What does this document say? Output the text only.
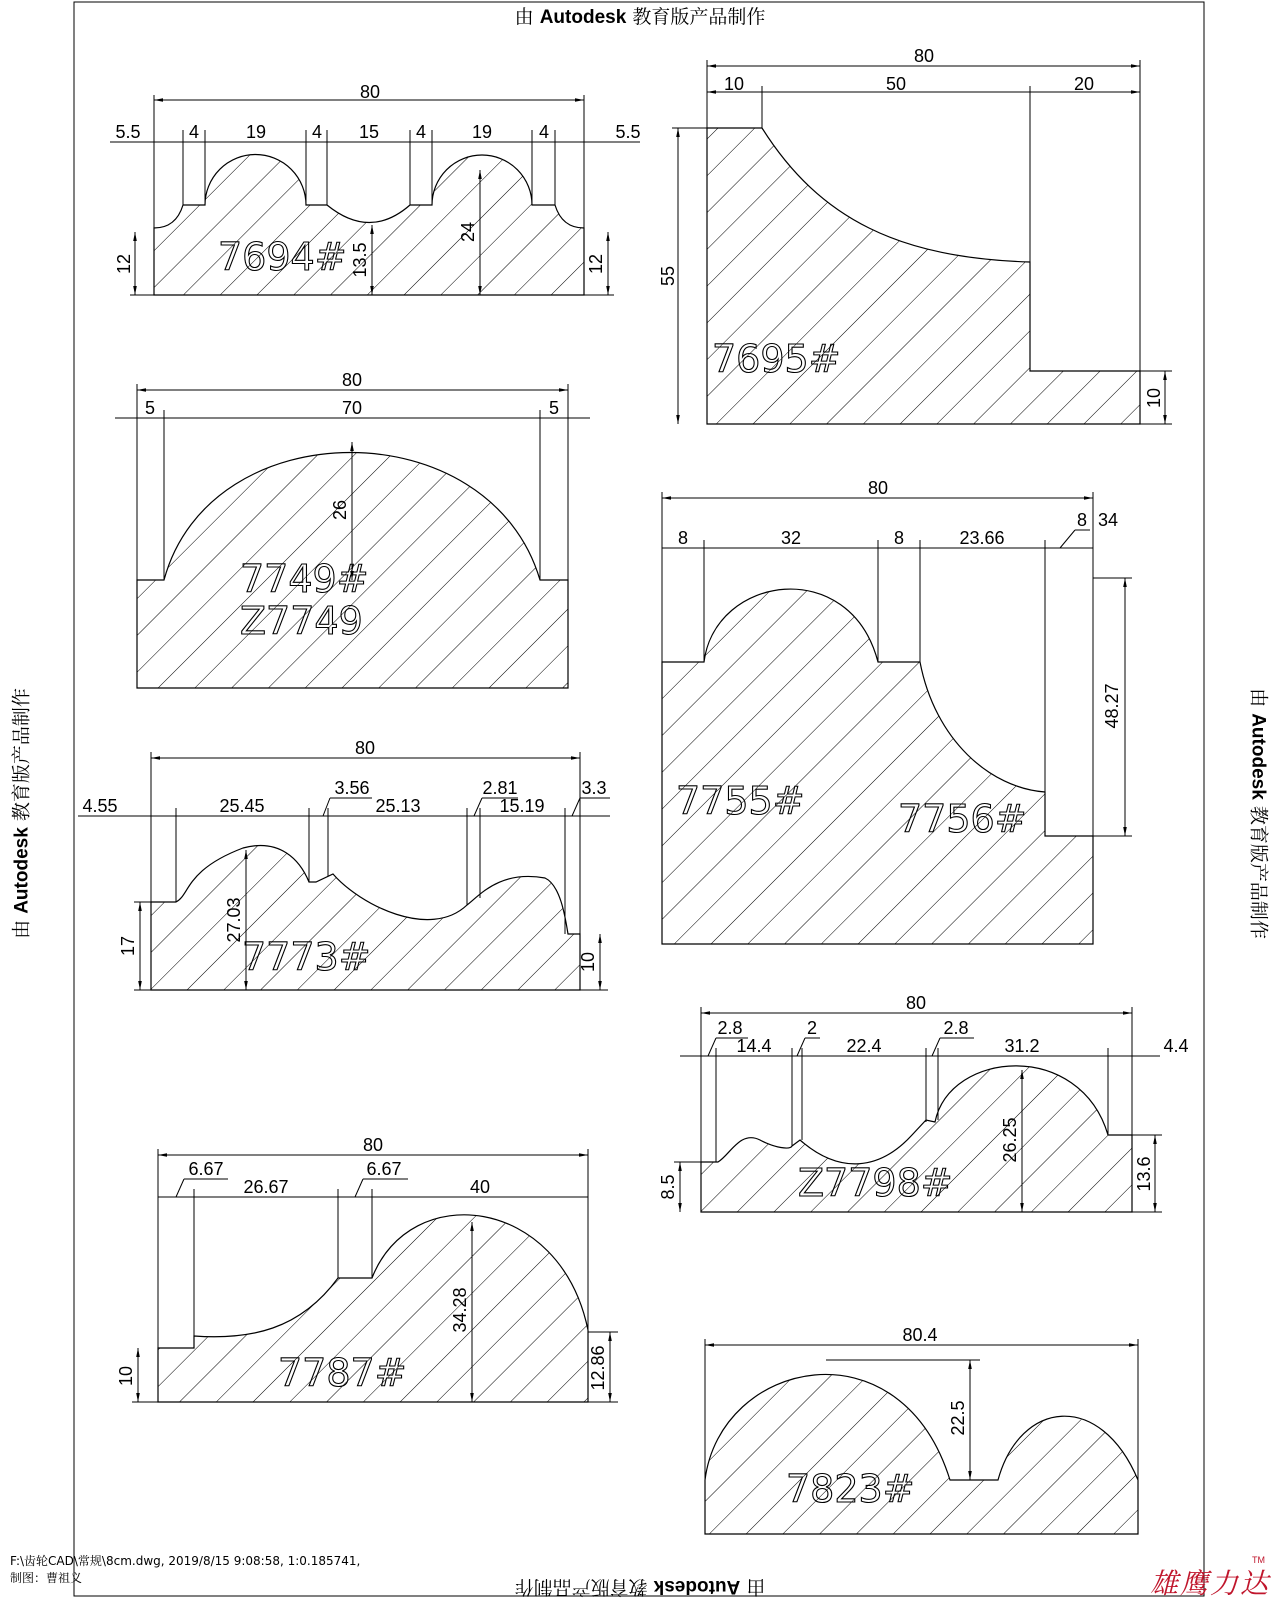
80
5.5	4	19	4 15 4	19	4	5.5
12	13.5
24
12
7694#
80
10	50	20
55
10
7695#
80
5	70	5
26
7749#
Z7749
80
8	32	8	23.66
8 34
48.27
7755# 7756#
80
4.55	25.45
3.56
25.13
2.81
15.19
3.3
27.03
17
10
7773#
80
2.8
14.4
2
22.4
2.8
31.2	4.4
8.5
26.25
13.6
Z7798#
80
6.67
26.67
6.67
40
10
34.28
12.86
7787#
80.4
22.5
7823#
由 Autodesk 教育版产品制作
由 Autodesk 教育版产品制作
由 Autodesk 教育版产品制作	由 Autodesk 教育版产品制作
F:\齿轮CAD\常规\8cm.dwg, 2019/8/15 9:08:58, 1:0.185741,
制图：曹祖义	雄鹰力达
TM
